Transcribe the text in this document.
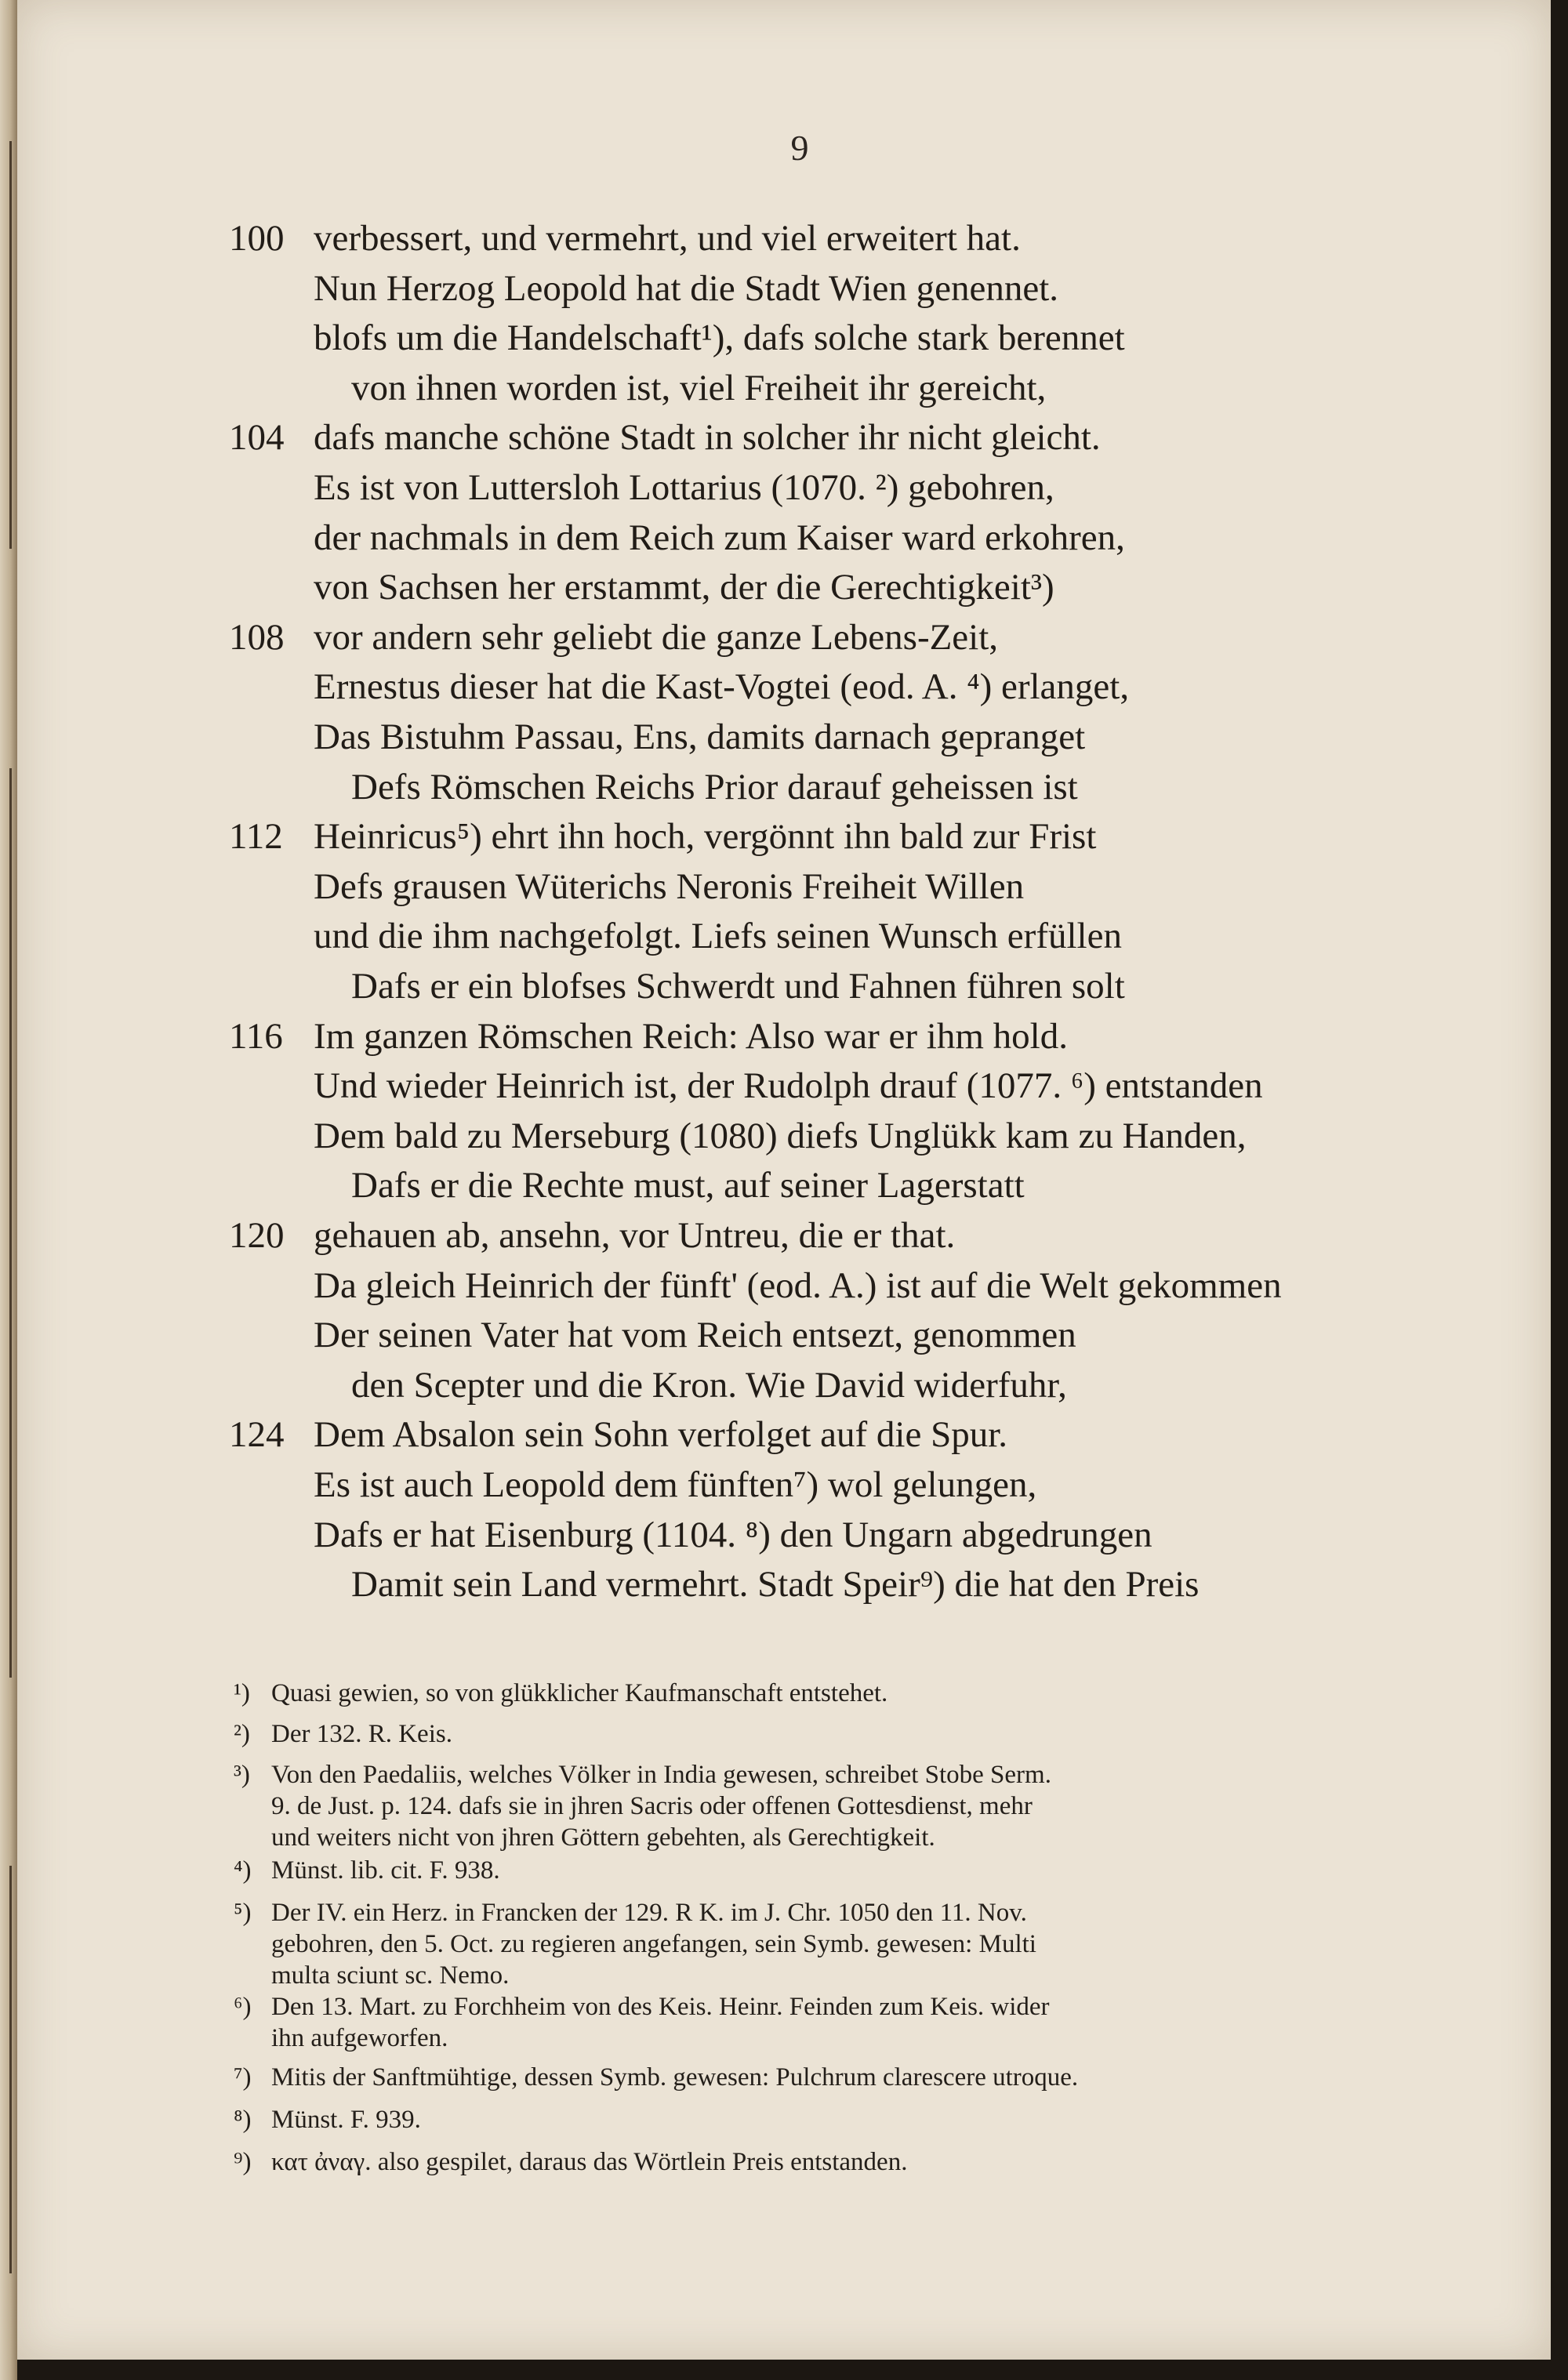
9
100 verbessert, und vermehrt, und viel erweitert hat.
Nun Herzog Leopold hat die Stadt Wien genennet.
blofs um die Handelschaft¹), dafs solche stark berennet
von ihnen worden ist, viel Freiheit ihr gereicht,
104 dafs manche schöne Stadt in solcher ihr nicht gleicht.
Es ist von Luttersloh Lottarius (1070. ²) gebohren,
der nachmals in dem Reich zum Kaiser ward erkohren,
von Sachsen her erstammt, der die Gerechtigkeit³)
108 vor andern sehr geliebt die ganze Lebens-Zeit,
Ernestus dieser hat die Kast-Vogtei (eod. A. ⁴) erlanget,
Das Bistuhm Passau, Ens, damits darnach gepranget
Defs Römschen Reichs Prior darauf geheissen ist
112 Heinricus⁵) ehrt ihn hoch, vergönnt ihn bald zur Frist
Defs grausen Wüterichs Neronis Freiheit Willen
und die ihm nachgefolgt. Liefs seinen Wunsch erfüllen
Dafs er ein blofses Schwerdt und Fahnen führen solt
116 Im ganzen Römschen Reich: Also war er ihm hold.
Und wieder Heinrich ist, der Rudolph drauf (1077. ⁶) entstanden
Dem bald zu Merseburg (1080) diefs Unglükk kam zu Handen,
Dafs er die Rechte must, auf seiner Lagerstatt
120 gehauen ab, ansehn, vor Untreu, die er that.
Da gleich Heinrich der fünft' (eod. A.) ist auf die Welt gekommen
Der seinen Vater hat vom Reich entsezt, genommen
den Scepter und die Kron. Wie David widerfuhr,
124 Dem Absalon sein Sohn verfolget auf die Spur.
Es ist auch Leopold dem fünften⁷) wol gelungen,
Dafs er hat Eisenburg (1104. ⁸) den Ungarn abgedrungen
Damit sein Land vermehrt. Stadt Speir⁹) die hat den Preis
¹) Quasi gewien, so von glükklicher Kaufmanschaft entstehet.
²) Der 132. R. Keis.
³) Von den Paedaliis, welches Völker in India gewesen, schreibet Stobe Serm.
9. de Just. p. 124. dafs sie in jhren Sacris oder offenen Gottesdienst, mehr
und weiters nicht von jhren Göttern gebehten, als Gerechtigkeit.
⁴) Münst. lib. cit. F. 938.
⁵) Der IV. ein Herz. in Francken der 129. R K. im J. Chr. 1050 den 11. Nov.
gebohren, den 5. Oct. zu regieren angefangen, sein Symb. gewesen: Multi
multa sciunt sc. Nemo.
⁶) Den 13. Mart. zu Forchheim von des Keis. Heinr. Feinden zum Keis. wider
ihn aufgeworfen.
⁷) Mitis der Sanftmühtige, dessen Symb. gewesen: Pulchrum clarescere utroque.
⁸) Münst. F. 939.
⁹) κατ ἀναγ. also gespilet, daraus das Wörtlein Preis entstanden.
